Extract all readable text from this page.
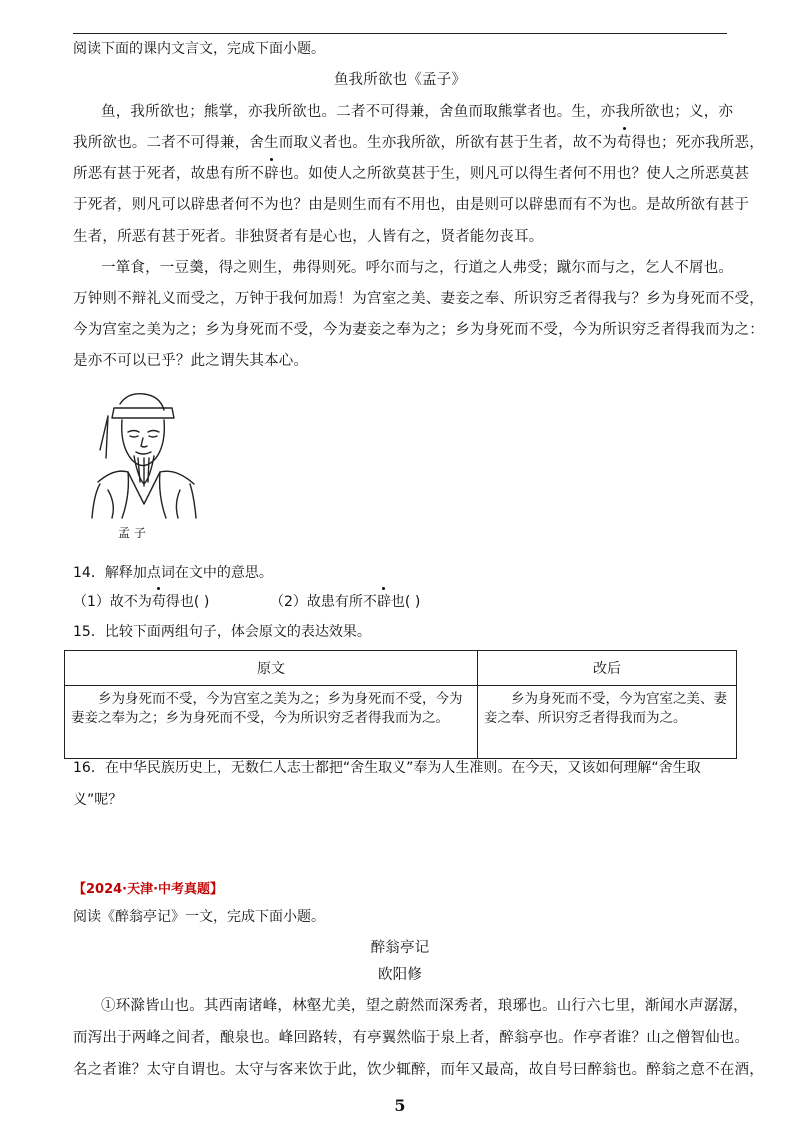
阅读下面的课内文言文，完成下面小题。
鱼我所欲也《孟子》
鱼，我所欲也；熊掌，亦我所欲也。二者不可得兼，舍鱼而取熊掌者也。生，亦我所欲也；义，亦
我所欲也。二者不可得兼，舍生而取义者也。生亦我所欲，所欲有甚于生者，故不为苟得也；死亦我所恶，
所恶有甚于死者，故患有所不辟也。如使人之所欲莫甚于生，则凡可以得生者何不用也？使人之所恶莫甚
于死者，则凡可以辟患者何不为也？由是则生而有不用也，由是则可以辟患而有不为也。是故所欲有甚于
生者，所恶有甚于死者。非独贤者有是心也，人皆有之，贤者能勿丧耳。
一箪食，一豆羹，得之则生，弗得则死。呼尔而与之，行道之人弗受；蹴尔而与之，乞人不屑也。
万钟则不辩礼义而受之，万钟于我何加焉！为宫室之美、妻妾之奉、所识穷乏者得我与？乡为身死而不受，
今为宫室之美为之；乡为身死而不受，今为妻妾之奉为之；乡为身死而不受，今为所识穷乏者得我而为之：
是亦不可以已乎？此之谓失其本心。
孟 子
14．解释加点词在文中的意思。
（1）故不为苟得也( )	（2）故患有所不辟也( )
15．比较下面两组句子，体会原文的表达效果。
原文	改后

乡为身死而不受，今为宫室之美为之；乡为身死而不受，今为妻妾之奉为之；乡为身死而不受，今为所识穷乏者得我而为之。	乡为身死而不受，今为宫室之美、妻妾之奉、所识穷乏者得我而为之。
16．在中华民族历史上，无数仁人志士都把“舍生取义”奉为人生准则。在今天，又该如何理解“舍生取
义”呢？
【2024·天津·中考真题】
阅读《醉翁亭记》一文，完成下面小题。
醉翁亭记
欧阳修
①环滁皆山也。其西南诸峰，林壑尤美，望之蔚然而深秀者，琅琊也。山行六七里，渐闻水声潺潺，
而泻出于两峰之间者，酿泉也。峰回路转，有亭翼然临于泉上者，醉翁亭也。作亭者谁？山之僧智仙也。
名之者谁？太守自谓也。太守与客来饮于此，饮少辄醉，而年又最高，故自号曰醉翁也。醉翁之意不在酒，
5
